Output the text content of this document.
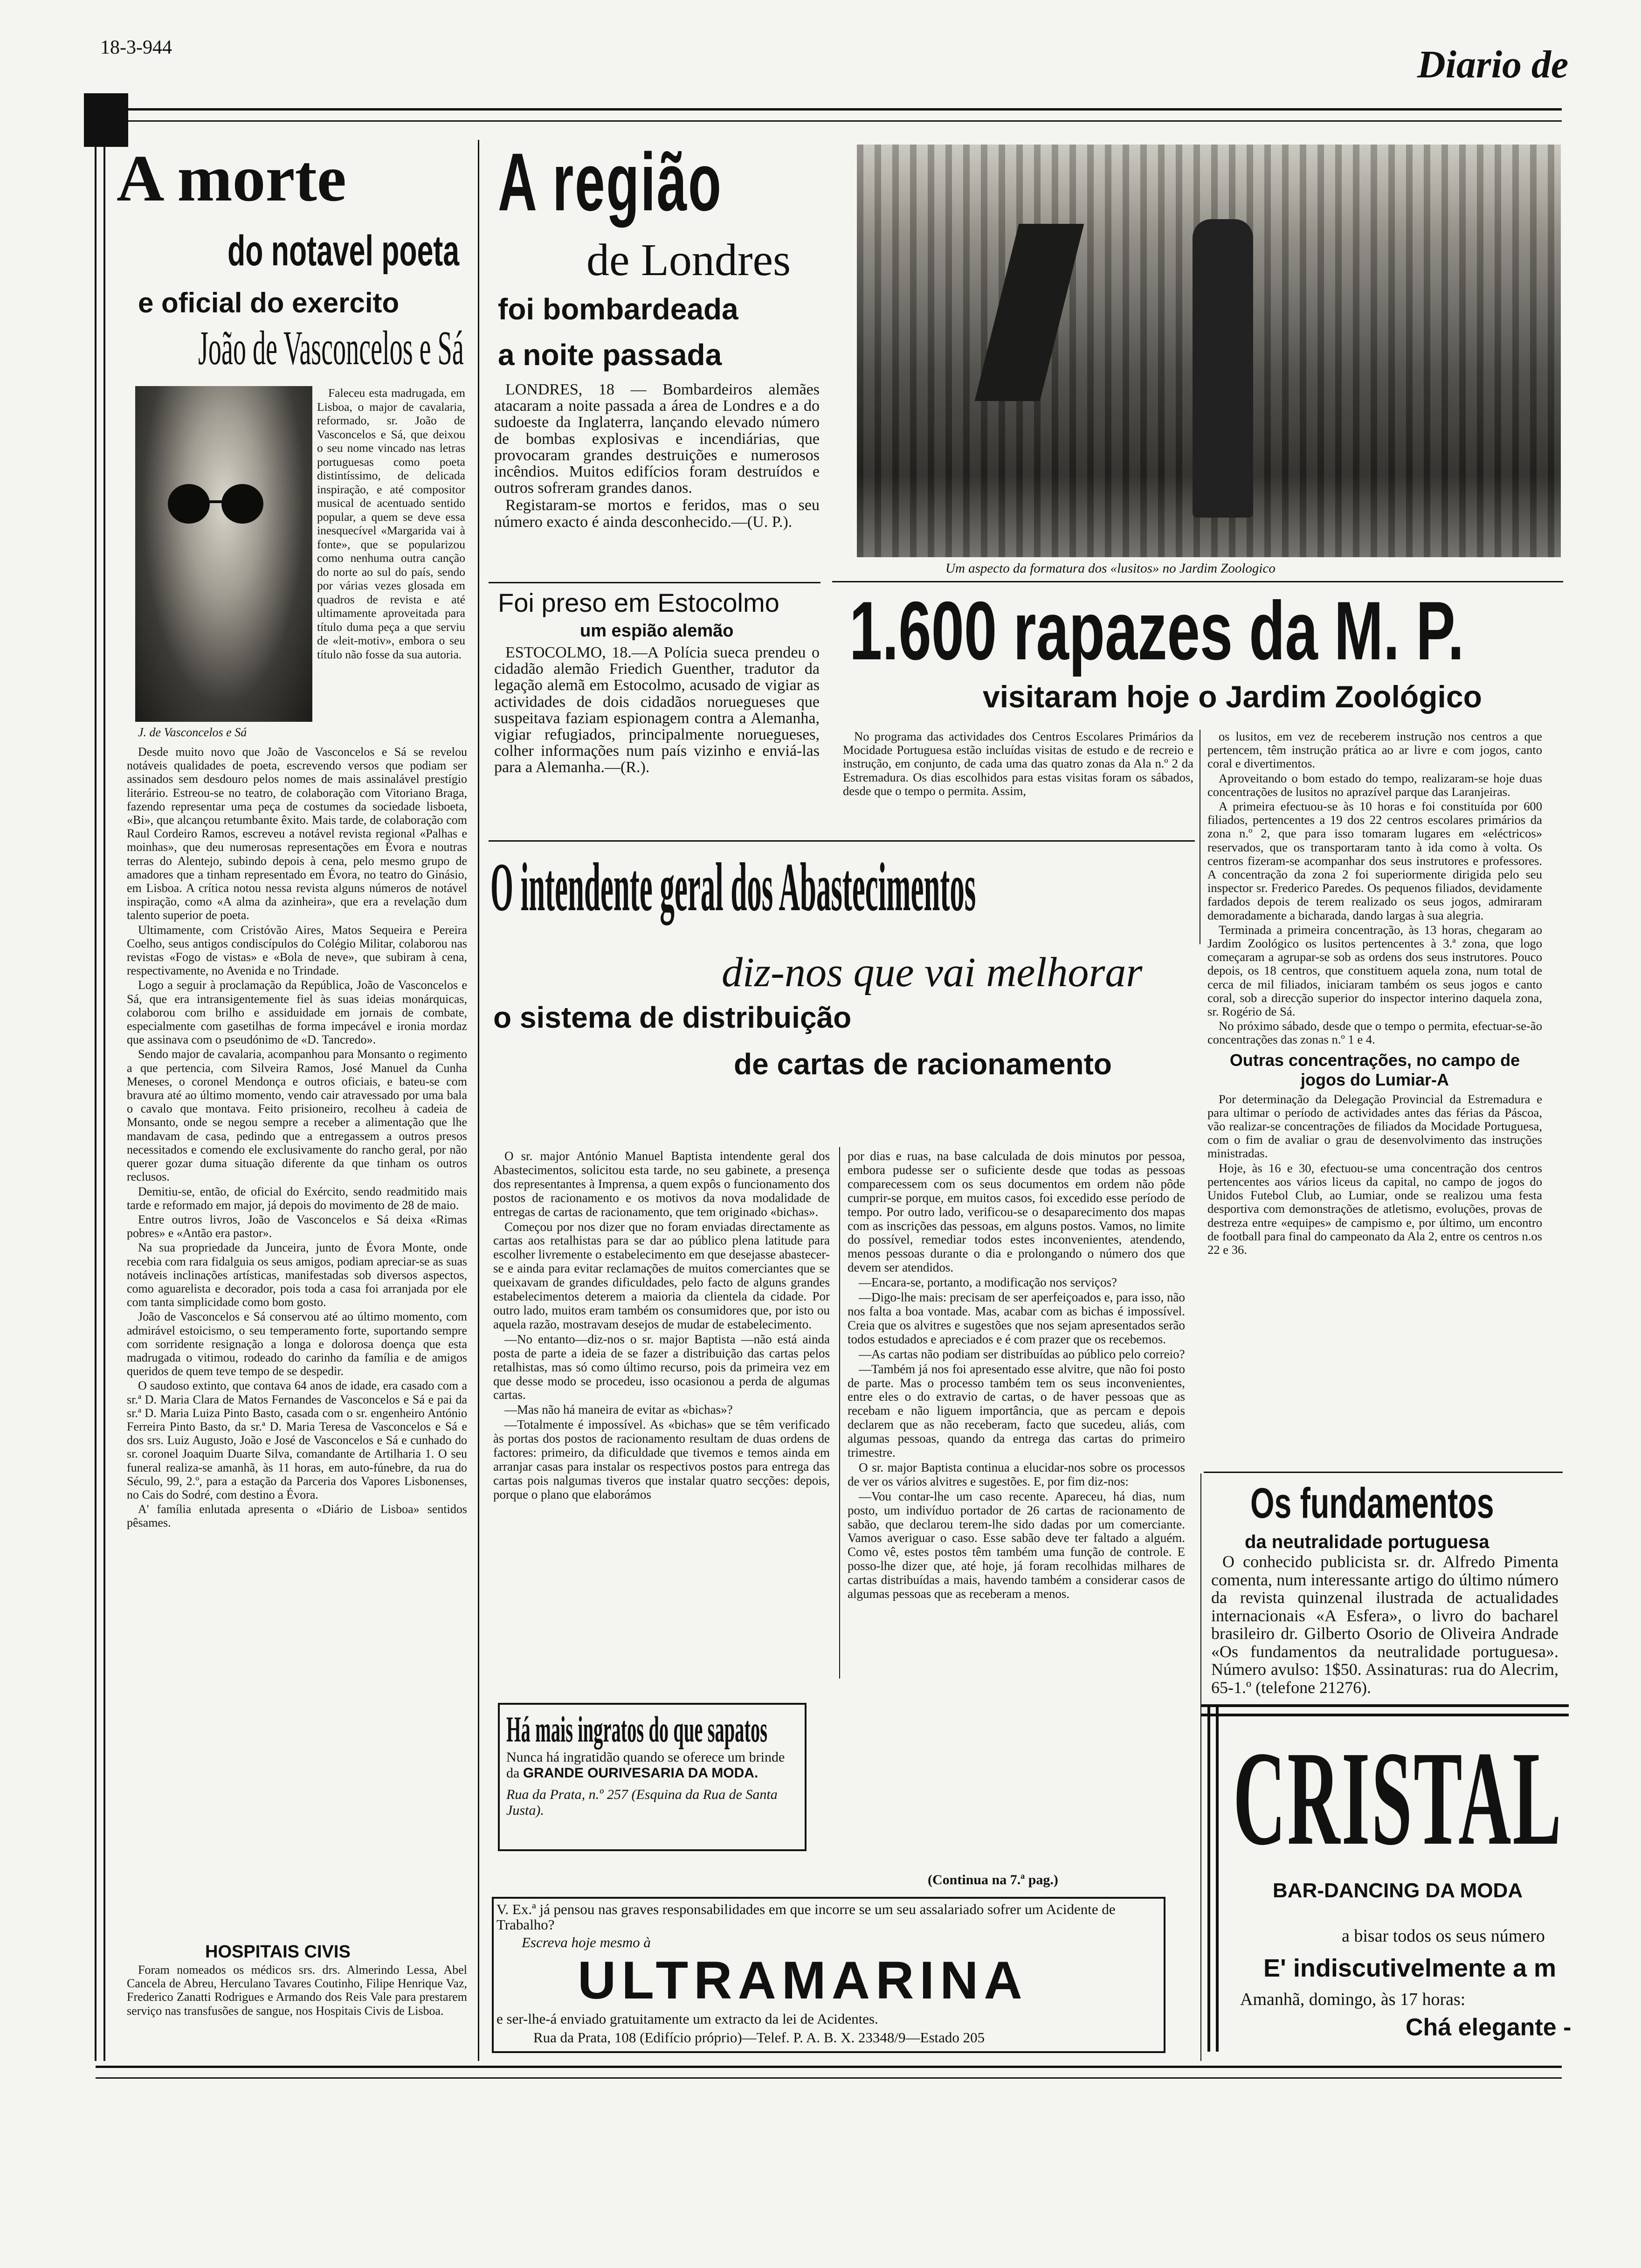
18-3-944	Diario de
A morte
do notavel poeta
e oficial do exercito
João de Vasconcelos e Sá
J. de Vasconcelos e Sá

Faleceu esta madrugada, em Lisboa, o major de cavalaria, reformado, sr. João de Vasconcelos e Sá, que deixou o seu nome vincado nas letras portuguesas como poeta distintíssimo, de delicada inspiração, e até compositor musical de acentuado sentido popular, a quem se deve essa inesquecível «Margarida vai à fonte», que se popularizou como nenhuma outra canção do norte ao sul do país, sendo por várias vezes glosada em quadros de revista e até ultimamente aproveitada para título duma peça a que serviu de «leit-motiv», embora o seu título não fosse da sua autoria.

Desde muito novo que João de Vasconcelos e Sá se revelou notáveis qualidades de poeta, escrevendo versos que podiam ser assinados sem desdouro pelos nomes de mais assinalável prestígio literário. Estreou-se no teatro, de colaboração com Vitoriano Braga, fazendo representar uma peça de costumes da sociedade lisboeta, «Bi», que alcançou retumbante êxito. Mais tarde, de colaboração com Raul Cordeiro Ramos, escreveu a notável revista regional «Palhas e moinhas», que deu numerosas representações em Évora e noutras terras do Alentejo, subindo depois à cena, pelo mesmo grupo de amadores que a tinham representado em Évora, no teatro do Ginásio, em Lisboa. A crítica notou nessa revista alguns números de notável inspiração, como «A alma da azinheira», que era a revelação dum talento superior de poeta.

Ultimamente, com Cristóvão Aires, Matos Sequeira e Pereira Coelho, seus antigos condiscípulos do Colégio Militar, colaborou nas revistas «Fogo de vistas» e «Bola de neve», que subiram à cena, respectivamente, no Avenida e no Trindade.

Logo a seguir à proclamação da República, João de Vasconcelos e Sá, que era intransigentemente fiel às suas ideias monárquicas, colaborou com brilho e assiduidade em jornais de combate, especialmente com gasetilhas de forma impecável e ironia mordaz que assinava com o pseudónimo de «D. Tancredo».

Sendo major de cavalaria, acompanhou para Monsanto o regimento a que pertencia, com Silveira Ramos, José Manuel da Cunha Meneses, o coronel Mendonça e outros oficiais, e bateu-se com bravura até ao último momento, vendo cair atravessado por uma bala o cavalo que montava. Feito prisioneiro, recolheu à cadeia de Monsanto, onde se negou sempre a receber a alimentação que lhe mandavam de casa, pedindo que a entregassem a outros presos necessitados e comendo ele exclusivamente do rancho geral, por não querer gozar duma situação diferente da que tinham os outros reclusos.

Demitiu-se, então, de oficial do Exército, sendo readmitido mais tarde e reformado em major, já depois do movimento de 28 de maio.

Entre outros livros, João de Vasconcelos e Sá deixa «Rimas pobres» e «Antão era pastor».

Na sua propriedade da Junceira, junto de Évora Monte, onde recebia com rara fidalguia os seus amigos, podiam apreciar-se as suas notáveis inclinações artísticas, manifestadas sob diversos aspectos, como aguarelista e decorador, pois toda a casa foi arranjada por ele com tanta simplicidade como bom gosto.

João de Vasconcelos e Sá conservou até ao último momento, com admirável estoicismo, o seu temperamento forte, suportando sempre com sorridente resignação a longa e dolorosa doença que esta madrugada o vitimou, rodeado do carinho da família e de amigos queridos de quem teve tempo de se despedir.

O saudoso extinto, que contava 64 anos de idade, era casado com a sr.ª D. Maria Clara de Matos Fernandes de Vasconcelos e Sá e pai da sr.ª D. Maria Luiza Pinto Basto, casada com o sr. engenheiro António Ferreira Pinto Basto, da sr.ª D. Maria Teresa de Vasconcelos e Sá e dos srs. Luiz Augusto, João e José de Vasconcelos e Sá e cunhado do sr. coronel Joaquim Duarte Silva, comandante de Artilharia 1. O seu funeral realiza-se amanhã, às 11 horas, em auto-fúnebre, da rua do Século, 99, 2.º, para a estação da Parceria dos Vapores Lisbonenses, no Cais do Sodré, com destino a Évora.

A' família enlutada apresenta o «Diário de Lisboa» sentidos pêsames.

HOSPITAIS CIVIS

Foram nomeados os médicos srs. drs. Almerindo Lessa, Abel Cancela de Abreu, Herculano Tavares Coutinho, Filipe Henrique Vaz, Frederico Zanatti Rodrigues e Armando dos Reis Vale para prestarem serviço nas transfusões de sangue, nos Hospitais Civis de Lisboa.

A região
de Londres
foi bombardeada
a noite passada

LONDRES, 18 — Bombardeiros alemães atacaram a noite passada a área de Londres e a do sudoeste da Inglaterra, lançando elevado número de bombas explosivas e incendiárias, que provocaram grandes destruições e numerosos incêndios. Muitos edifícios foram destruídos e outros sofreram grandes danos.

Registaram-se mortos e feridos, mas o seu número exacto é ainda desconhecido.—(U. P.).

Foi preso em Estocolmo
um espião alemão

ESTOCOLMO, 18.—A Polícia sueca prendeu o cidadão alemão Friedich Guenther, tradutor da legação alemã em Estocolmo, acusado de vigiar as actividades de dois cidadãos noruegueses que suspeitava faziam espionagem contra a Alemanha, vigiar refugiados, principalmente noruegueses, colher informações num país vizinho e enviá-las para a Alemanha.—(R.).

Um aspecto da formatura dos «lusitos» no Jardim Zoologico
1.600 rapazes da M. P.
visitaram hoje o Jardim Zoológico

No programa das actividades dos Centros Escolares Primários da Mocidade Portuguesa estão incluídas visitas de estudo e de recreio e instrução, em conjunto, de cada uma das quatro zonas da Ala n.º 2 da Estremadura. Os dias escolhidos para estas visitas foram os sábados, desde que o tempo o permita. Assim,

os lusitos, em vez de receberem instrução nos centros a que pertencem, têm instrução prática ao ar livre e com jogos, canto coral e divertimentos.

Aproveitando o bom estado do tempo, realizaram-se hoje duas concentrações de lusitos no aprazível parque das Laranjeiras.

A primeira efectuou-se às 10 horas e foi constituída por 600 filiados, pertencentes a 19 dos 22 centros escolares primários da zona n.º 2, que para isso tomaram lugares em «eléctricos» reservados, que os transportaram tanto à ida como à volta. Os centros fizeram-se acompanhar dos seus instrutores e professores. A concentração da zona 2 foi superiormente dirigida pelo seu inspector sr. Frederico Paredes. Os pequenos filiados, devidamente fardados depois de terem realizado os seus jogos, admiraram demoradamente a bicharada, dando largas à sua alegria.

Terminada a primeira concentração, às 13 horas, chegaram ao Jardim Zoológico os lusitos pertencentes à 3.ª zona, que logo começaram a agrupar-se sob as ordens dos seus instrutores. Pouco depois, os 18 centros, que constituem aquela zona, num total de cerca de mil filiados, iniciaram também os seus jogos e canto coral, sob a direcção superior do inspector interino daquela zona, sr. Rogério de Sá.

No próximo sábado, desde que o tempo o permita, efectuar-se-ão concentrações das zonas n.º 1 e 4.

Outras concentrações, no campo de jogos do Lumiar-A

Por determinação da Delegação Provincial da Estremadura e para ultimar o período de actividades antes das férias da Páscoa, vão realizar-se concentrações de filiados da Mocidade Portuguesa, com o fim de avaliar o grau de desenvolvimento das instruções ministradas.

Hoje, às 16 e 30, efectuou-se uma concentração dos centros pertencentes aos vários liceus da capital, no campo de jogos do Unidos Futebol Club, ao Lumiar, onde se realizou uma festa desportiva com demonstrações de atletismo, evoluções, provas de destreza entre «equipes» de campismo e, por último, um encontro de football para final do campeonato da Ala 2, entre os centros n.os 22 e 36.

O intendente geral dos Abastecimentos
diz-nos que vai melhorar
o sistema de distribuição
de cartas de racionamento

O sr. major António Manuel Baptista intendente geral dos Abastecimentos, solicitou esta tarde, no seu gabinete, a presença dos representantes à Imprensa, a quem expôs o funcionamento dos postos de racionamento e os motivos da nova modalidade de entregas de cartas de racionamento, que tem originado «bichas».

Começou por nos dizer que no foram enviadas directamente as cartas aos retalhistas para se dar ao público plena latitude para escolher livremente o estabelecimento em que desejasse abastecer-se e ainda para evitar reclamações de muitos comerciantes que se queixavam de grandes dificuldades, pelo facto de alguns grandes estabelecimentos deterem a maioria da clientela da cidade. Por outro lado, muitos eram também os consumidores que, por isto ou aquela razão, mostravam desejos de mudar de estabelecimento.

—No entanto—diz-nos o sr. major Baptista —não está ainda posta de parte a ideia de se fazer a distribuição das cartas pelos retalhistas, mas só como último recurso, pois da primeira vez em que desse modo se procedeu, isso ocasionou a perda de algumas cartas.

—Mas não há maneira de evitar as «bichas»?

—Totalmente é impossível. As «bichas» que se têm verificado às portas dos postos de racionamento resultam de duas ordens de factores: primeiro, da dificuldade que tivemos e temos ainda em arranjar casas para instalar os respectivos postos para entrega das cartas pois nalgumas tiveros que instalar quatro secções: depois, porque o plano que elaborámos

por dias e ruas, na base calculada de dois minutos por pessoa, embora pudesse ser o suficiente desde que todas as pessoas comparecessem com os seus documentos em ordem não pôde cumprir-se porque, em muitos casos, foi excedido esse período de tempo. Por outro lado, verificou-se o desaparecimento dos mapas com as inscrições das pessoas, em alguns postos. Vamos, no limite do possível, remediar todos estes inconvenientes, atendendo, menos pessoas durante o dia e prolongando o número dos que devem ser atendidos.

—Encara-se, portanto, a modificação nos serviços?

—Digo-lhe mais: precisam de ser aperfeiçoados e, para isso, não nos falta a boa vontade. Mas, acabar com as bichas é impossível. Creia que os alvitres e sugestões que nos sejam apresentados serão todos estudados e apreciados e é com prazer que os recebemos.

—As cartas não podiam ser distribuídas ao público pelo correio?

—Também já nos foi apresentado esse alvitre, que não foi posto de parte. Mas o processo também tem os seus inconvenientes, entre eles o do extravio de cartas, o de haver pessoas que as recebam e não liguem importância, que as percam e depois declarem que as não receberam, facto que sucedeu, aliás, com algumas pessoas, quando da entrega das cartas do primeiro trimestre.

O sr. major Baptista continua a elucidar-nos sobre os processos de ver os vários alvitres e sugestões. E, por fim diz-nos:

—Vou contar-lhe um caso recente. Apareceu, há dias, num posto, um indivíduo portador de 26 cartas de racionamento de sabão, que declarou terem-lhe sido dadas por um comerciante. Vamos averiguar o caso. Esse sabão deve ter faltado a alguém. Como vê, estes postos têm também uma função de controle. E posso-lhe dizer que, até hoje, já foram recolhidas milhares de cartas distribuídas a mais, havendo também a considerar casos de algumas pessoas que as receberam a menos.

(Continua na 7.ª pag.)
Há mais ingratos do que sapatos
Nunca há ingratidão quando se oferece um brinde da GRANDE OURIVESARIA DA MODA.
Rua da Prata, n.º 257 (Esquina da Rua de Santa Justa).
V. Ex.ª já pensou nas graves responsabilidades em que incorre se um seu assalariado sofrer um Acidente de Trabalho?
Escreva hoje mesmo à
ULTRAMARINA
e ser-lhe-á enviado gratuitamente um extracto da lei de Acidentes.
Rua da Prata, 108 (Edifício próprio)—Telef. P. A. B. X. 23348/9—Estado 205
Os fundamentos
da neutralidade portuguesa

O conhecido publicista sr. dr. Alfredo Pimenta comenta, num interessante artigo do último número da revista quinzenal ilustrada de actualidades internacionais «A Esfera», o livro do bacharel brasileiro dr. Gilberto Osorio de Oliveira Andrade «Os fundamentos da neutralidade portuguesa». Número avulso: 1$50. Assinaturas: rua do Alecrim, 65-1.º (telefone 21276).

CRISTAL
BAR-DANCING DA MODA
a bisar todos os seus número
E' indiscutivelmente a m
Amanhã, domingo, às 17 horas:
Chá elegante -
